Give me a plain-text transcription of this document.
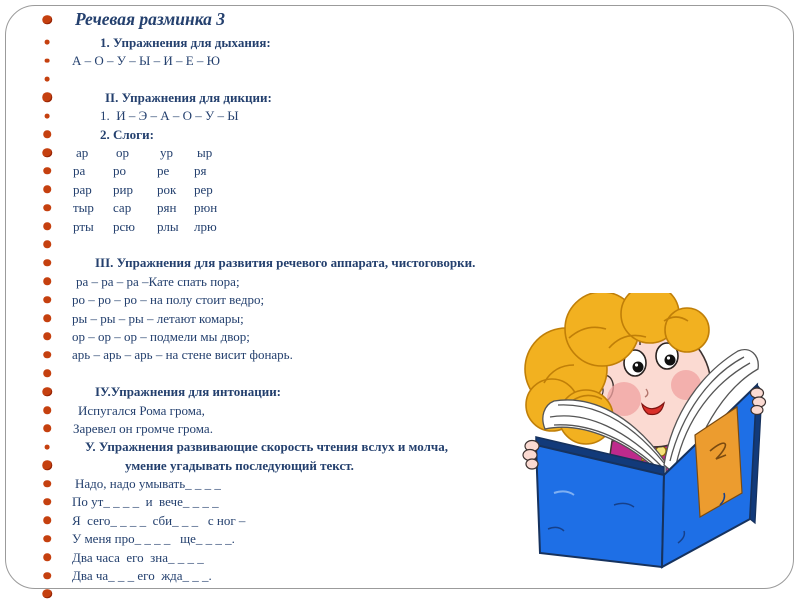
Речевая разминка 3
1. Упражнения для дыхания:
А – О – У – Ы – И – Е – Ю
II. Упражнения для дикции:
1.  И – Э – А – О – У – Ы
2. Слоги:
ар ор ур ыр
ра ро ре ря
рар рир рок рер
тыр сар рян рюн
рты рсю рлы лрю
III. Упражнения для развития речевого аппарата, чистоговорки.
ра – ра – ра –Кате спать пора;
ро – ро – ро – на полу стоит ведро;
ры – ры – ры – летают комары;
ор – ор – ор – подмели мы двор;
арь – арь – арь – на стене висит фонарь.
IУ.Упражнения для интонации:
Испугался Рома грома,
Заревел он громче грома.
У. Упражнения развивающие скорость чтения вслух и молча,
умение угадывать последующий текст.
Надо, надо умывать_ _ _ _
По ут_ _ _ _  и  вече_ _ _ _
Я  сего_ _ _ _  сби_ _ _   с ног –
У меня про_ _ _ _   ще_ _ _ _.
Два часа  его  зна_ _ _ _
Два ча_ _ _ его  жда_ _ _.
